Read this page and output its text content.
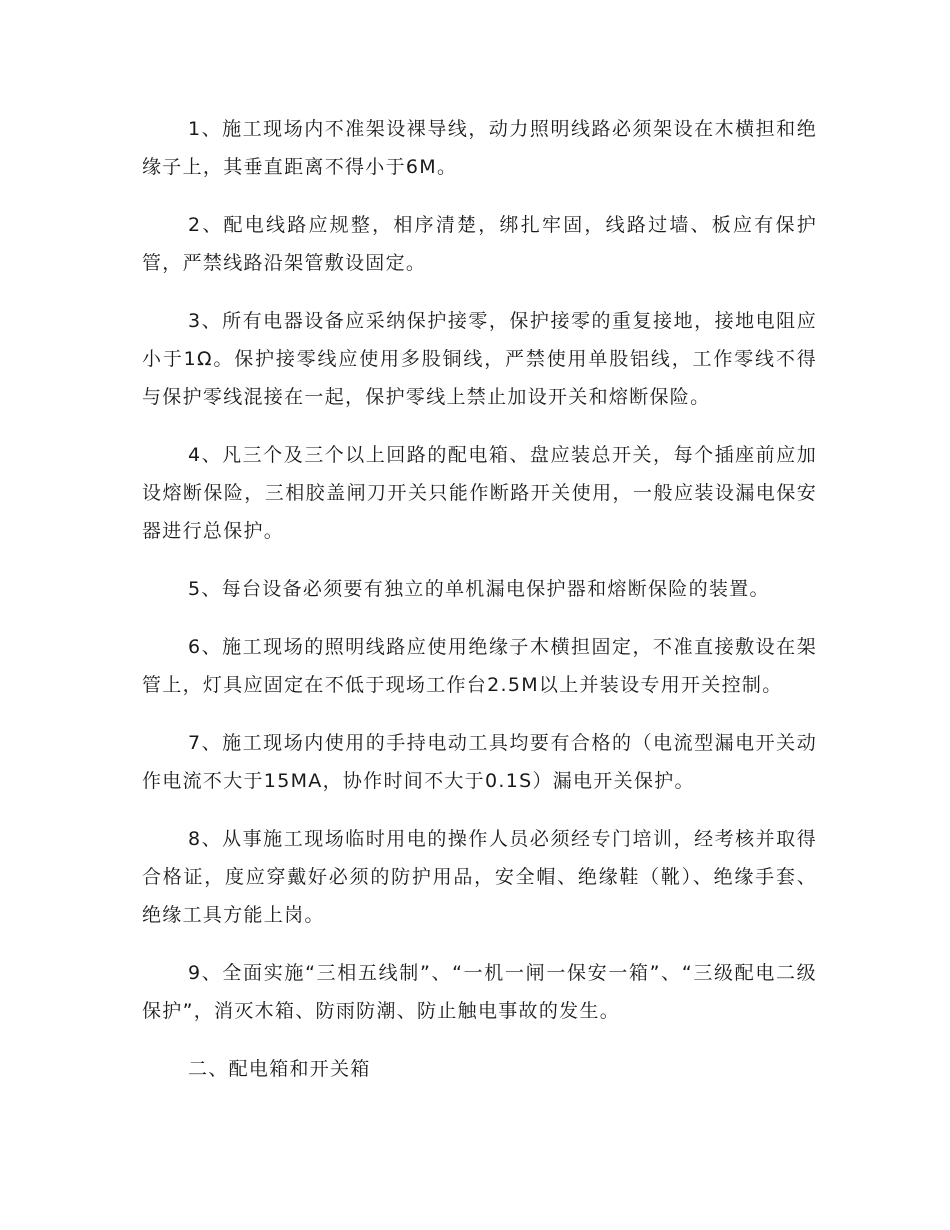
1、施工现场内不准架设裸导线，动力照明线路必须架设在木横担和绝缘子上，其垂直距离不得小于6M。

2、配电线路应规整，相序清楚，绑扎牢固，线路过墙、板应有保护管，严禁线路沿架管敷设固定。

3、所有电器设备应采纳保护接零，保护接零的重复接地，接地电阻应小于1Ω。保护接零线应使用多股铜线，严禁使用单股铝线，工作零线不得与保护零线混接在一起，保护零线上禁止加设开关和熔断保险。

4、凡三个及三个以上回路的配电箱、盘应装总开关，每个插座前应加设熔断保险，三相胶盖闸刀开关只能作断路开关使用，一般应装设漏电保安器进行总保护。

5、每台设备必须要有独立的单机漏电保护器和熔断保险的装置。

6、施工现场的照明线路应使用绝缘子木横担固定，不准直接敷设在架管上，灯具应固定在不低于现场工作台2.5M以上并装设专用开关控制。

7、施工现场内使用的手持电动工具均要有合格的（电流型漏电开关动作电流不大于15MA，协作时间不大于0.1S）漏电开关保护。

8、从事施工现场临时用电的操作人员必须经专门培训，经考核并取得合格证，度应穿戴好必须的防护用品，安全帽、绝缘鞋（靴）、绝缘手套、绝缘工具方能上岗。

9、全面实施“三相五线制”、“一机一闸一保安一箱”、“三级配电二级保护”，消灭木箱、防雨防潮、防止触电事故的发生。

二、配电箱和开关箱
